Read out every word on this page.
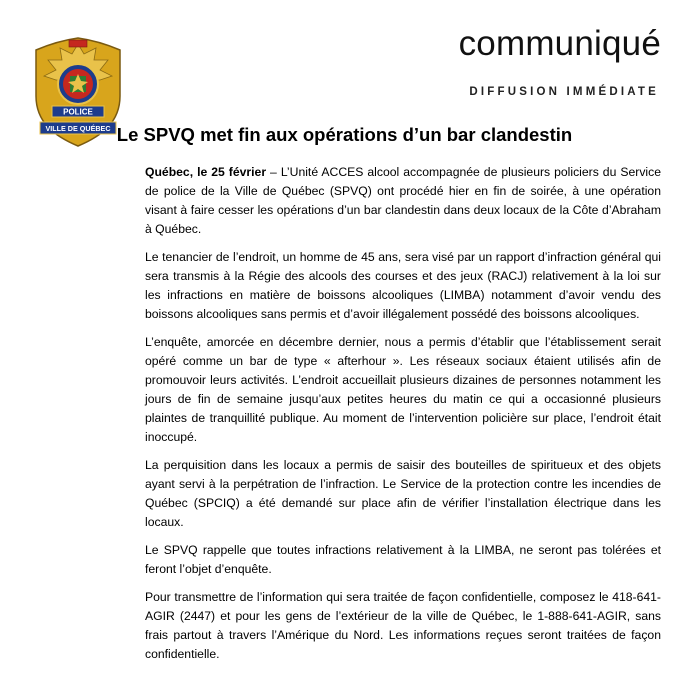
POLICE
VILLE DE QUÉBEC
communiqué
DIFFUSION IMMÉDIATE
Le SPVQ met fin aux opérations d’un bar clandestin

Québec, le 25 février – L’Unité ACCES alcool accompagnée de plusieurs policiers du Service de police de la Ville de Québec (SPVQ) ont procédé hier en fin de soirée, à une opération visant à faire cesser les opérations d’un bar clandestin dans deux locaux de la Côte d’Abraham à Québec.

Le tenancier de l’endroit, un homme de 45 ans, sera visé par un rapport d’infraction général qui sera transmis à la Régie des alcools des courses et des jeux (RACJ) relativement à la loi sur les infractions en matière de boissons alcooliques (LIMBA) notamment d’avoir vendu des boissons alcooliques sans permis et d’avoir illégalement possédé des boissons alcooliques.

L’enquête, amorcée en décembre dernier, nous a permis d’établir que l’établissement serait opéré comme un bar de type « afterhour ». Les réseaux sociaux étaient utilisés afin de promouvoir leurs activités. L’endroit accueillait plusieurs dizaines de personnes notamment les jours de fin de semaine jusqu’aux petites heures du matin ce qui a occasionné plusieurs plaintes de tranquillité publique. Au moment de l’intervention policière sur place, l’endroit était inoccupé.

La perquisition dans les locaux a permis de saisir des bouteilles de spiritueux et des objets ayant servi à la perpétration de l’infraction. Le Service de la protection contre les incendies de Québec (SPCIQ) a été demandé sur place afin de vérifier l’installation électrique dans les locaux.

Le SPVQ rappelle que toutes infractions relativement à la LIMBA, ne seront pas tolérées et feront l’objet d’enquête.

Pour transmettre de l’information qui sera traitée de façon confidentielle, composez le 418-641-AGIR (2447) et pour les gens de l’extérieur de la ville de Québec, le 1-888-641-AGIR, sans frais partout à travers l’Amérique du Nord. Les informations reçues seront traitées de façon confidentielle.
